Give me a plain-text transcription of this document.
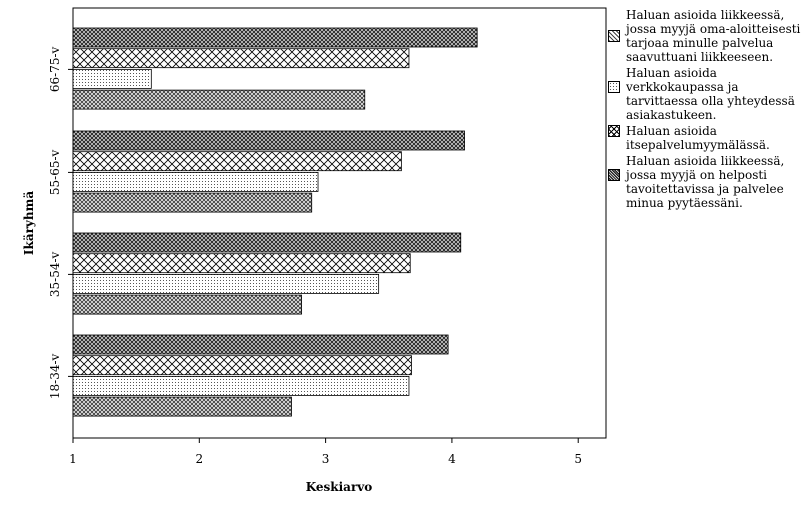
66-75-v
55-65-v
35-54-v
18-34-v
1	2	3	4	5
Ikäryhmä
Keskiarvo
Haluan asioida liikkeessä, jossa myyjä oma-aloitteisesti tarjoaa minulle palvelua saavuttuani liikkeeseen.
Haluan asioida verkkokaupassa ja tarvittaessa olla yhteydessä asiakastukeen.
Haluan asioida itsepalvelumyymälässä.
Haluan asioida liikkeessä, jossa myyjä on helposti tavoitettavissa ja palvelee minua pyytäessäni.
